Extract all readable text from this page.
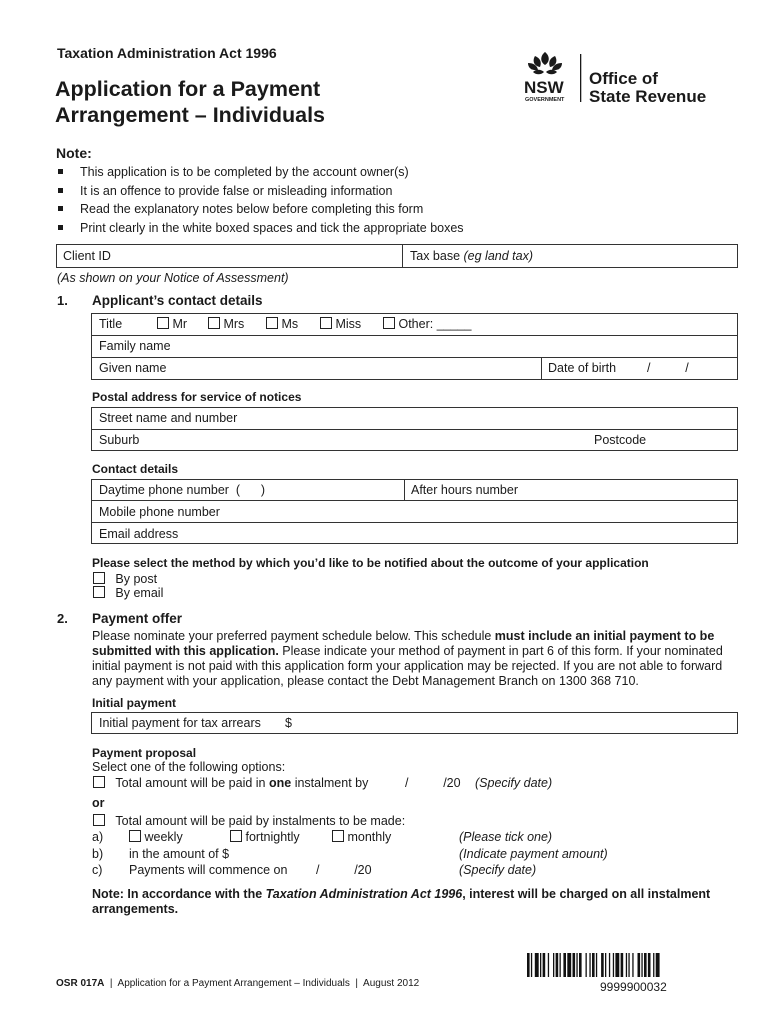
Taxation Administration Act 1996
Application for a Payment
Arrangement – Individuals
NSW
GOVERNMENT
Office of
State Revenue
Note:
This application is to be completed by the account owner(s)
It is an offence to provide false or misleading information
Read the explanatory notes below before completing this form
Print clearly in the white boxed spaces and tick the appropriate boxes
Client ID	Tax base (eg land tax)
(As shown on your Notice of Assessment)
1. Applicant’s contact details
Title	Mr	Mrs	Ms	Miss	Other: _____
Family name
Given name	Date of birth /          /
Postal address for service of notices
Street name and number
Suburb	Postcode
Contact details
Daytime phone number  (      )	After hours number
Mobile phone number
Email address
Please select the method by which you’d like to be notified about the outcome of your application
By post
By email
2. Payment offer
Please nominate your preferred payment schedule below. This schedule must include an initial payment to be submitted with this application. Please indicate your method of payment in part 6 of this form. If your nominated initial payment is not paid with this application form your application may be rejected. If you are not able to forward any payment with your application, please contact the Debt Management Branch on 1300 368 710.
Initial payment
Initial payment for tax arrears $
Payment proposal
Select one of the following options:
Total amount will be paid in one instalment by	/          /20 (Specify date)
or
Total amount will be paid by instalments to be made:
a)	weekly	fortnightly	monthly	(Please tick one)
b) in the amount of $	(Indicate payment amount)
c) Payments will commence on /          /20	(Specify date)
Note: In accordance with the Taxation Administration Act 1996, interest will be charged on all instalment arrangements.
OSR 017A  |  Application for a Payment Arrangement – Individuals  |  August 2012	9999900032
